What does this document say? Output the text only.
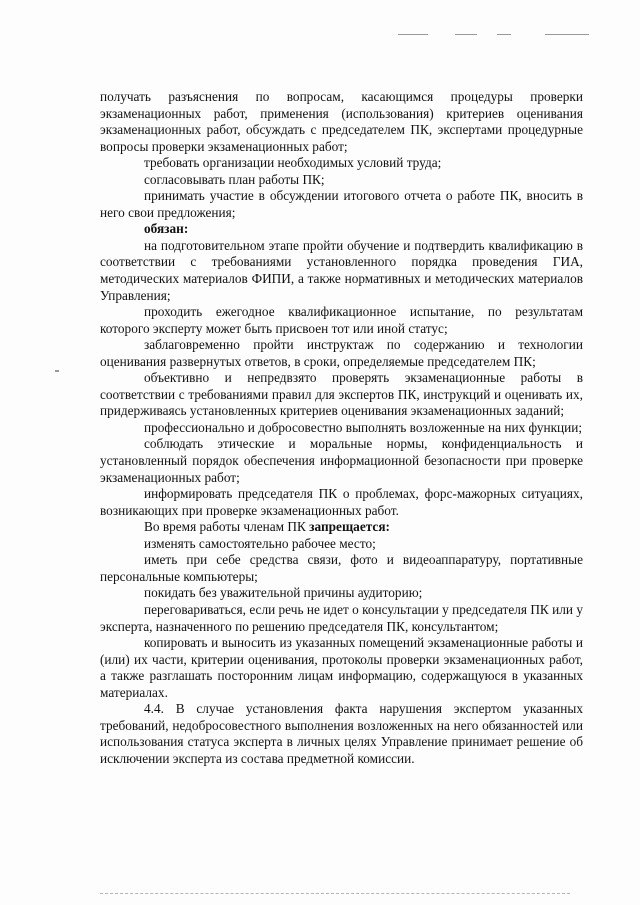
получать разъяснения по вопросам, касающимся процедуры проверки экзаменационных работ, применения (использования) критериев оценивания экзаменационных работ, обсуждать с председателем ПК, экспертами процедурные вопросы проверки экзаменационных работ;

требовать организации необходимых условий труда;

согласовывать план работы ПК;

принимать участие в обсуждении итогового отчета о работе ПК, вносить в него свои предложения;

обязан:

на подготовительном этапе пройти обучение и подтвердить квалификацию в соответствии с требованиями установленного порядка проведения ГИА, методических материалов ФИПИ, а также нормативных и методических материалов Управления;

проходить ежегодное квалификационное испытание, по результатам которого эксперту может быть присвоен тот или иной статус;

заблаговременно пройти инструктаж по содержанию и технологии оценивания развернутых ответов, в сроки, определяемые председателем ПК;

объективно и непредвзято проверять экзаменационные работы в соответствии с требованиями правил для экспертов ПК, инструкций и оценивать их, придерживаясь установленных критериев оценивания экзаменационных заданий;

профессионально и добросовестно выполнять возложенные на них функции;

соблюдать этические и моральные нормы, конфиденциальность и установленный порядок обеспечения информационной безопасности при проверке экзаменационных работ;

информировать председателя ПК о проблемах, форс-мажорных ситуациях, возникающих при проверке экзаменационных работ.

Во время работы членам ПК запрещается:

изменять самостоятельно рабочее место;

иметь при себе средства связи, фото и видеоаппаратуру, портативные персональные компьютеры;

покидать без уважительной причины аудиторию;

переговариваться, если речь не идет о консультации у председателя ПК или у эксперта, назначенного по решению председателя ПК, консультантом;

копировать и выносить из указанных помещений экзаменационные работы и (или) их части, критерии оценивания, протоколы проверки экзаменационных работ, а также разглашать посторонним лицам информацию, содержащуюся в указанных материалах.

4.4. В случае установления факта нарушения экспертом указанных требований, недобросовестного выполнения возложенных на него обязанностей или использования статуса эксперта в личных целях Управление принимает решение об исключении эксперта из состава предметной комиссии.
